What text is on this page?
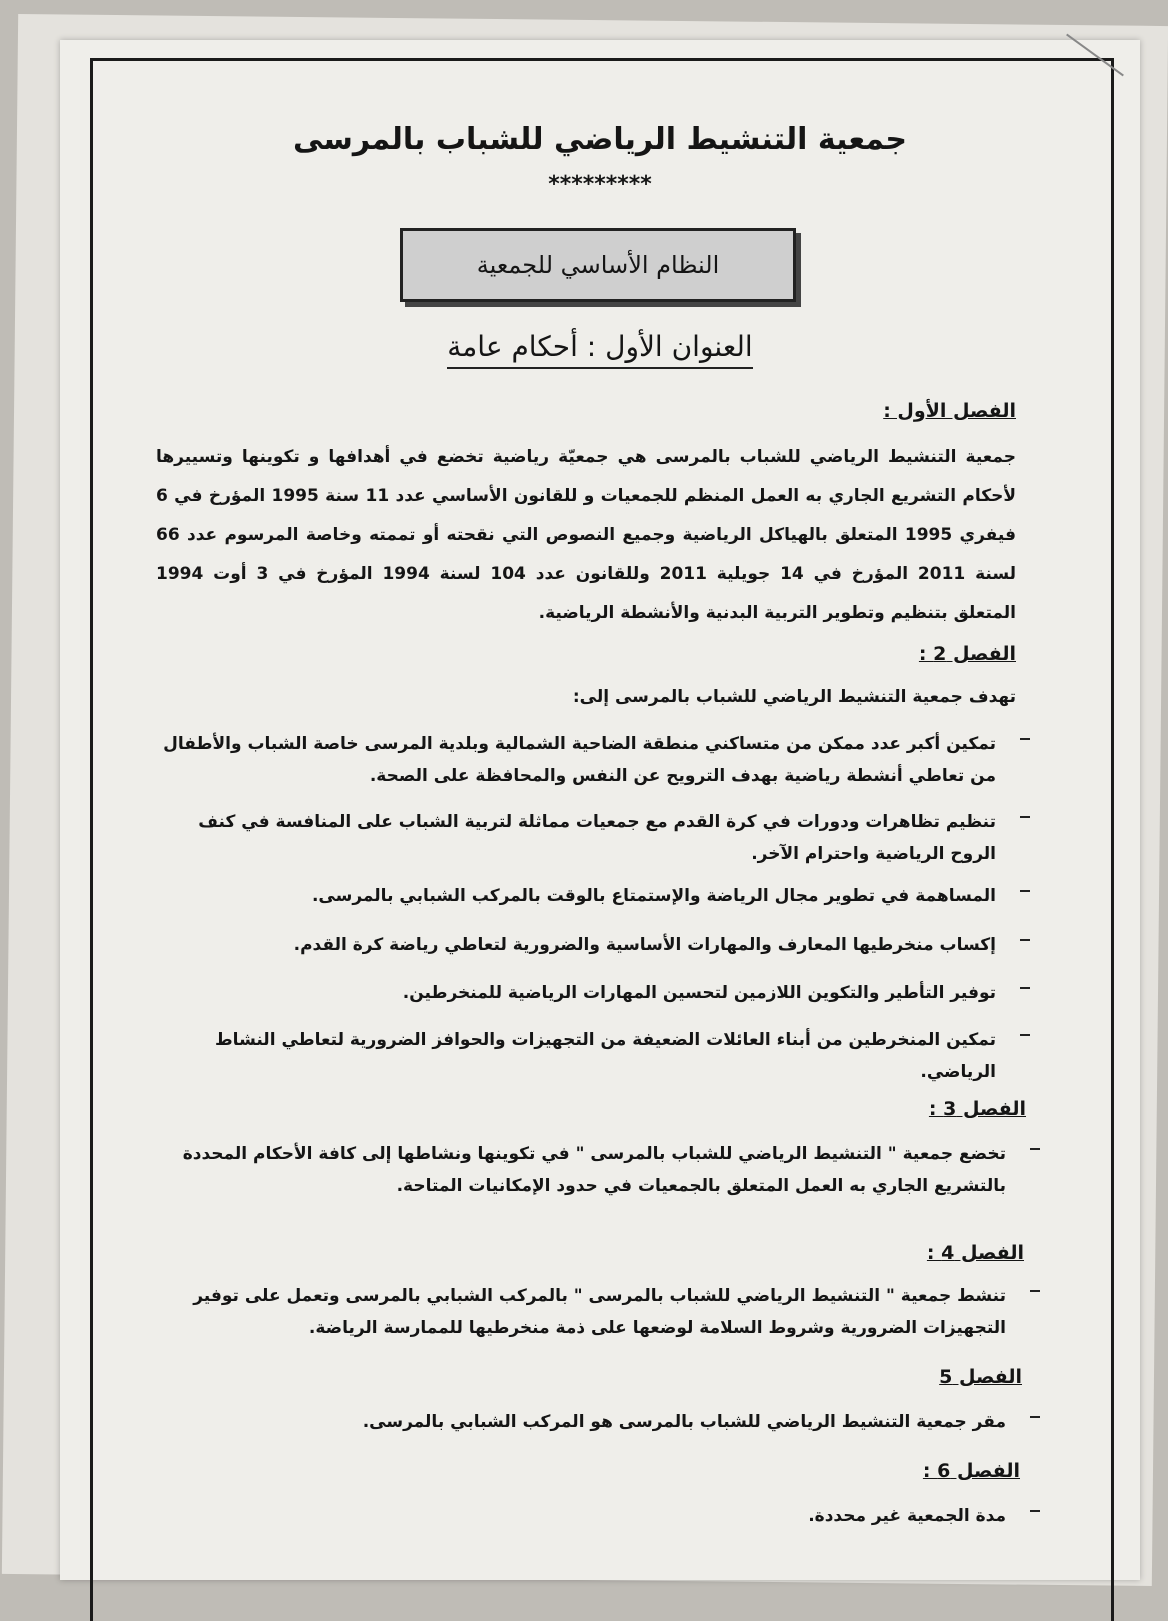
جمعية التنشيط الرياضي للشباب بالمرسى
*********
النظام الأساسي للجمعية
العنوان الأول : أحكام عامة
الفصل الأول :
جمعية التنشيط الرياضي للشباب بالمرسى هي جمعيّة رياضية تخضع في أهدافها و تكوينها وتسييرها لأحكام التشريع الجاري به العمل المنظم للجمعيات و للقانون الأساسي عدد 11 سنة 1995 المؤرخ في 6 فيفري 1995 المتعلق بالهياكل الرياضية وجميع النصوص التي نقحته أو تممته وخاصة المرسوم عدد 66 لسنة 2011 المؤرخ في 14 جويلية 2011 وللقانون عدد 104 لسنة 1994 المؤرخ في 3 أوت 1994 المتعلق بتنظيم وتطوير التربية البدنية والأنشطة الرياضية.
الفصل 2 :
تهدف جمعية التنشيط الرياضي للشباب بالمرسى إلى:
تمكين أكبر عدد ممكن من متساكني منطقة الضاحية الشمالية وبلدية المرسى خاصة الشباب والأطفال من تعاطي أنشطة رياضية بهدف الترويح عن النفس والمحافظة على الصحة.
تنظيم تظاهرات ودورات في كرة القدم مع جمعيات مماثلة لتربية الشباب على المنافسة في كنف الروح الرياضية واحترام الآخر.
المساهمة في تطوير مجال الرياضة والإستمتاع بالوقت بالمركب الشبابي بالمرسى.
إكساب منخرطيها المعارف والمهارات الأساسية والضرورية لتعاطي رياضة كرة القدم.
توفير التأطير والتكوين اللازمين لتحسين المهارات الرياضية للمنخرطين.
تمكين المنخرطين من أبناء العائلات الضعيفة من التجهيزات والحوافز الضرورية لتعاطي النشاط الرياضي.
الفصل 3 :
تخضع جمعية " التنشيط الرياضي للشباب بالمرسى " في تكوينها ونشاطها إلى كافة الأحكام المحددة بالتشريع الجاري به العمل المتعلق بالجمعيات في حدود الإمكانيات المتاحة.
الفصل 4 :
تنشط جمعية " التنشيط الرياضي للشباب بالمرسى " بالمركب الشبابي بالمرسى وتعمل على توفير التجهيزات الضرورية وشروط السلامة لوضعها على ذمة منخرطيها للممارسة الرياضة.
الفصل 5
مقر جمعية التنشيط الرياضي للشباب بالمرسى هو المركب الشبابي بالمرسى.
الفصل 6 :
مدة الجمعية غير محددة.
